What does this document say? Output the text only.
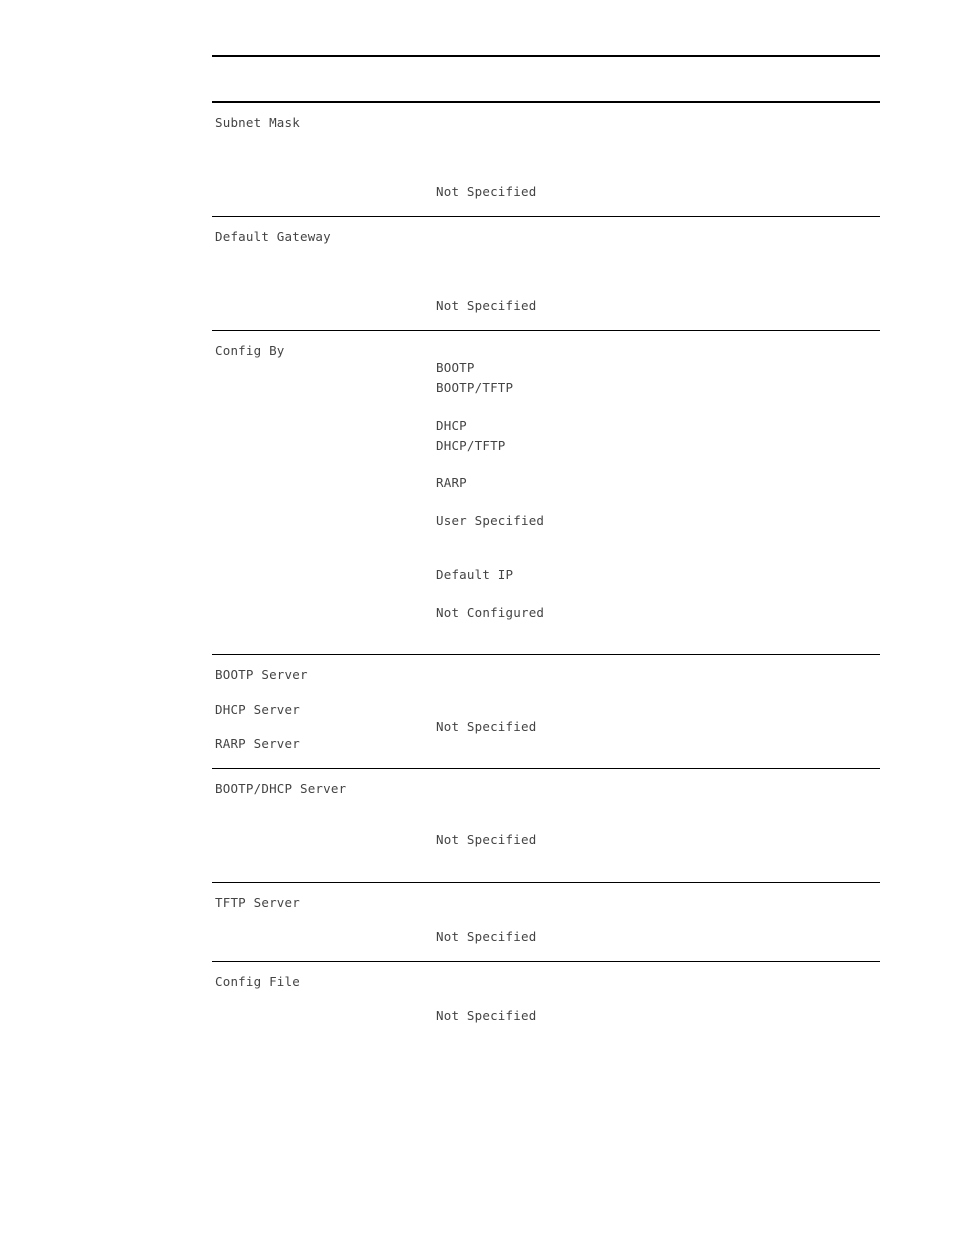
Subnet Mask
Not Specified
Default Gateway
Not Specified
Config By
BOOTP
BOOTP/TFTP
DHCP
DHCP/TFTP
RARP
User Specified
Default IP
Not Configured
BOOTP Server
DHCP Server
RARP Server
Not Specified
BOOTP/DHCP Server
Not Specified
TFTP Server
Not Specified
Config File
Not Specified
